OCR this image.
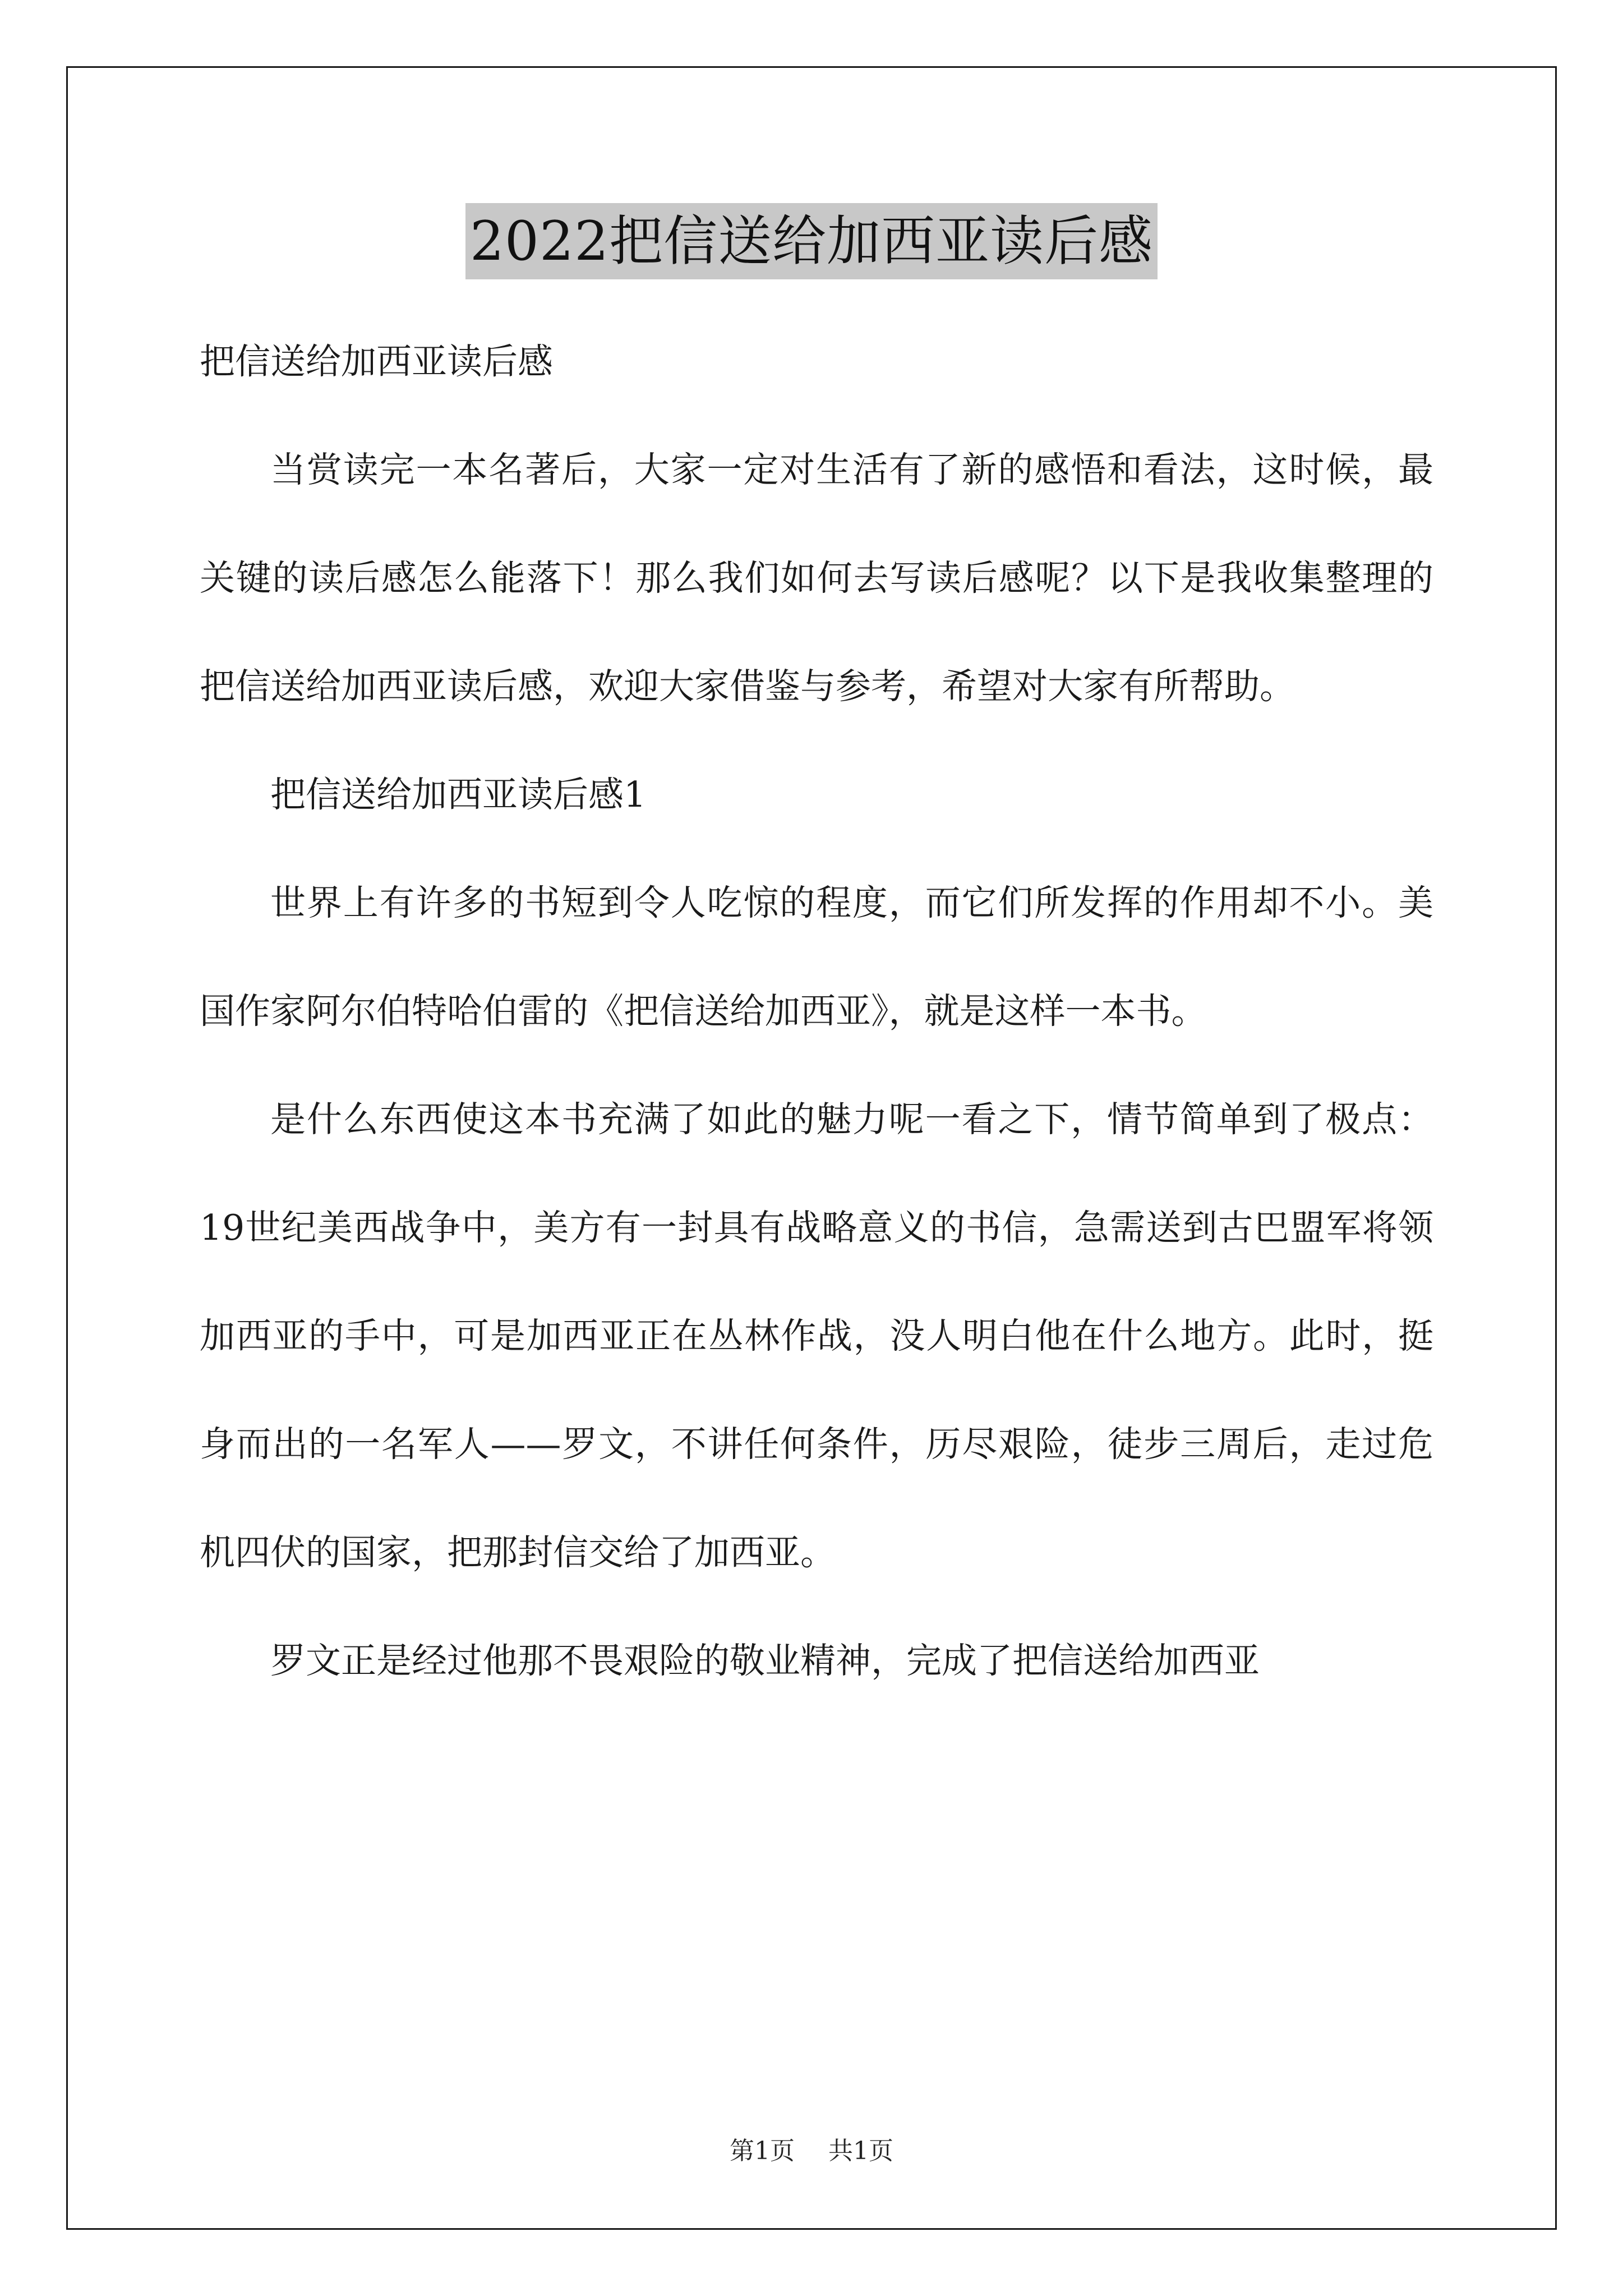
2022把信送给加西亚读后感

把信送给加西亚读后感

当赏读完一本名著后，大家一定对生活有了新的感悟和看法，这时候，最关键的读后感怎么能落下！那么我们如何去写读后感呢？以下是我收集整理的把信送给加西亚读后感，欢迎大家借鉴与参考，希望对大家有所帮助。

把信送给加西亚读后感1

世界上有许多的书短到令人吃惊的程度，而它们所发挥的作用却不小。美国作家阿尔伯特哈伯雷的《把信送给加西亚》，就是这样一本书。

是什么东西使这本书充满了如此的魅力呢一看之下，情节简单到了极点：19世纪美西战争中，美方有一封具有战略意义的书信，急需送到古巴盟军将领加西亚的手中，可是加西亚正在丛林作战，没人明白他在什么地方。此时，挺身而出的一名军人——罗文，不讲任何条件，历尽艰险，徒步三周后，走过危机四伏的国家，把那封信交给了加西亚。

罗文正是经过他那不畏艰险的敬业精神，完成了把信送给加西亚

第1页 共1页
